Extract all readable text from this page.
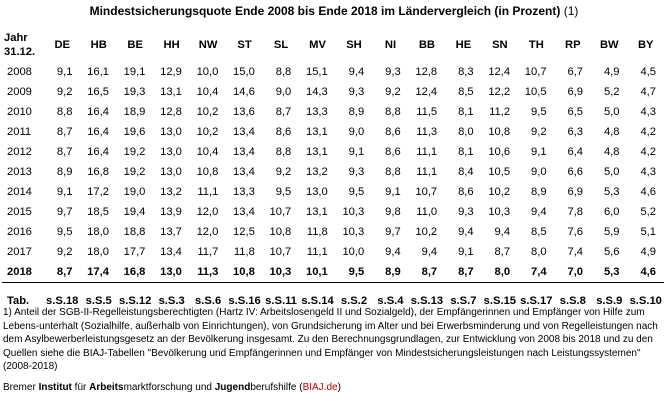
Mindestsicherungsquote Ende 2008 bis Ende 2018 im Ländervergleich (in Prozent) (1)
Jahr
31.12.	DE	HB	BE	HH	NW	ST	SL	MV	SH	NI	BB	HE	SN	TH	RP	BW	BY
2008	9,1	16,1	19,1	12,9	10,0	15,0	8,8	15,1	9,4	9,3	12,8	8,3	12,4	10,7	6,7	4,9	4,5
2009	9,2	16,5	19,3	13,1	10,4	14,6	9,0	14,3	9,3	9,2	12,4	8,5	12,2	10,5	6,9	5,2	4,7
2010	8,8	16,4	18,9	12,8	10,2	13,6	8,7	13,3	8,9	8,8	11,5	8,1	11,2	9,5	6,5	5,0	4,3
2011	8,7	16,4	19,6	13,0	10,2	13,4	8,6	13,1	9,0	8,6	11,3	8,0	10,8	9,2	6,3	4,8	4,2
2012	8,7	16,4	19,2	13,0	10,4	13,4	8,8	13,1	9,1	8,6	11,1	8,1	10,6	9,1	6,4	4,8	4,2
2013	8,9	16,8	19,2	13,0	10,8	13,4	9,2	13,2	9,3	8,8	11,1	8,4	10,5	9,0	6,6	5,0	4,3
2014	9,1	17,2	19,0	13,2	11,1	13,3	9,5	13,0	9,5	9,1	10,7	8,6	10,2	8,9	6,9	5,3	4,6
2015	9,7	18,5	19,4	13,9	12,0	13,4	10,7	13,1	10,3	9,8	11,0	9,3	10,3	9,4	7,8	6,0	5,2
2016	9,5	18,0	18,8	13,7	12,0	12,5	10,8	11,8	10,3	9,7	10,2	9,4	9,4	8,5	7,6	5,9	5,1
2017	9,2	18,0	17,7	13,4	11,7	11,8	10,7	11,1	10,0	9,4	9,4	9,1	8,7	8,0	7,4	5,6	4,9
2018	8,7	17,4	16,8	13,0	11,3	10,8	10,3	10,1	9,5	8,9	8,7	8,7	8,0	7,4	7,0	5,3	4,6

Tab.	s.S.18	s.S.5	s.S.12	s.S.3	s.S.6	s.S.16	s.S.11	s.S.14	s.S.2	s.S.4	s.S.13	s.S.7	s.S.15	s.S.17	s.S.8	s.S.9	s.S.10
1) Anteil der SGB-II-Regelleistungsberechtigten (Hartz IV: Arbeitslosengeld II und Sozialgeld), der Empfängerinnen und Empfänger von Hilfe zum Lebens-unterhalt (Sozialhilfe, außerhalb von Einrichtungen), von Grundsicherung im Alter und bei Erwerbsminderung und von Regelleistungen nach dem Asylbewerberleistungsgesetz an der Bevölkerung insgesamt. Zu den Berechnungsgrundlagen, zur Entwicklung von 2008 bis 2018 und zu den Quellen siehe die BIAJ-Tabellen "Bevölkerung und Empfängerinnen und Empfänger von Mindestsicherungsleistungen nach Leistungssystemen" (2008-2018)
Bremer Institut für Arbeitsmarktforschung und Jugendberufshilfe (BIAJ.de)
